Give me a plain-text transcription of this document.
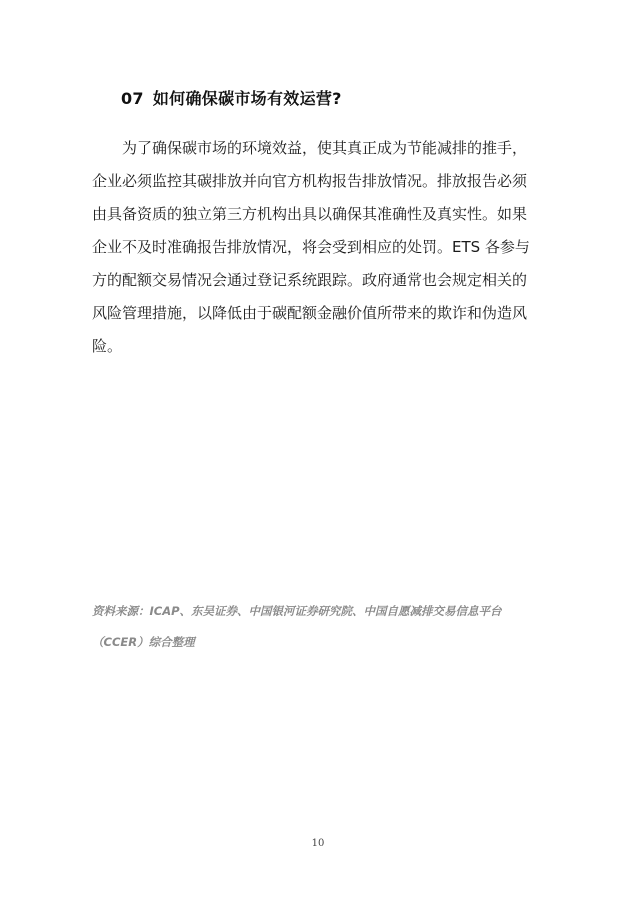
07 如何确保碳市场有效运营?
为了确保碳市场的环境效益，使其真正成为节能减排的推手，
企业必须监控其碳排放并向官方机构报告排放情况。排放报告必须
由具备资质的独立第三方机构出具以确保其准确性及真实性。如果
企业不及时准确报告排放情况，将会受到相应的处罚。ETS 各参与
方的配额交易情况会通过登记系统跟踪。政府通常也会规定相关的
风险管理措施，以降低由于碳配额金融价值所带来的欺诈和伪造风
险。
资料来源：ICAP、东吴证券、中国银河证券研究院、中国自愿减排交易信息平台
（CCER）综合整理
10
